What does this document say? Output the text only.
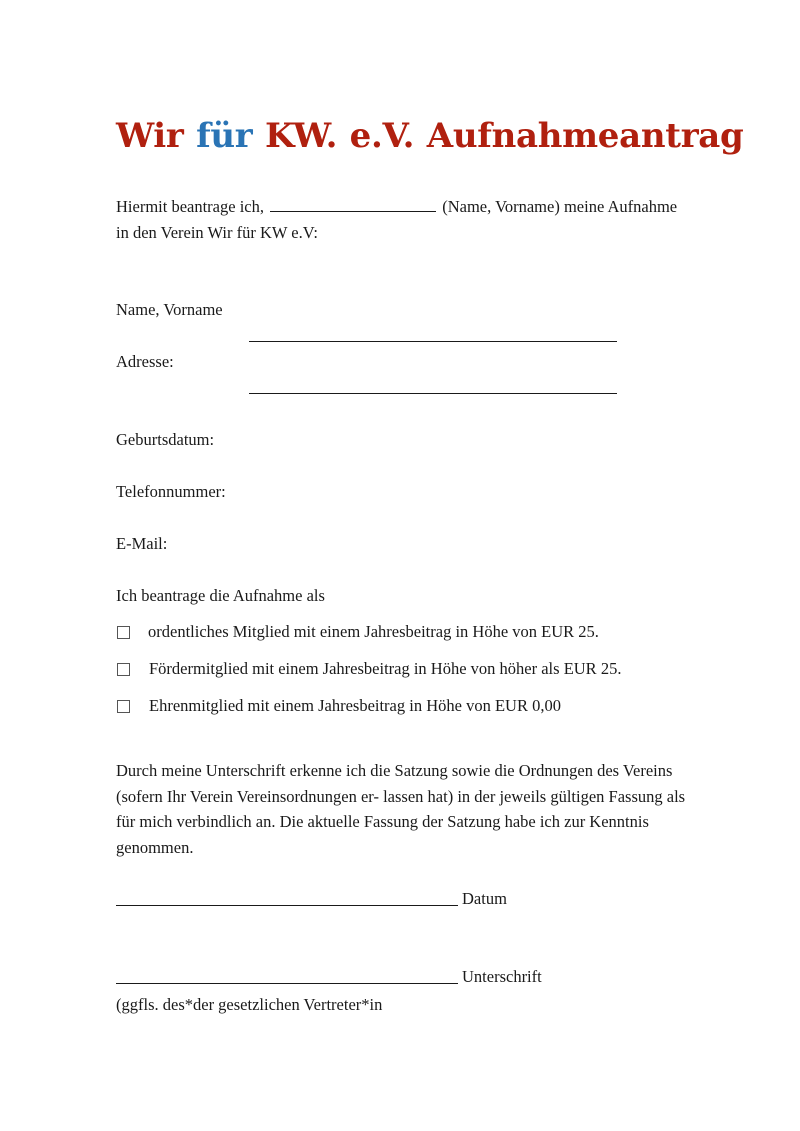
Wir für KW. e.V. Aufnahmeantrag
Hiermit beantrage ich,	(Name, Vorname) meine Aufnahme
in den Verein Wir für KW e.V:
Name, Vorname
Adresse:
Geburtsdatum:
Telefonnummer:
E-Mail:
Ich beantrage die Aufnahme als
ordentliches Mitglied mit einem Jahresbeitrag in Höhe von EUR 25.
Fördermitglied mit einem Jahresbeitrag in Höhe von höher als EUR 25.
Ehrenmitglied mit einem Jahresbeitrag in Höhe von EUR 0,00
Durch meine Unterschrift erkenne ich die Satzung sowie die Ordnungen des Vereins
(sofern Ihr Verein Vereinsordnungen er- lassen hat) in der jeweils gültigen Fassung als
für mich verbindlich an. Die aktuelle Fassung der Satzung habe ich zur Kenntnis
genommen.
Datum
Unterschrift
(ggfls. des*der gesetzlichen Vertreter*in
